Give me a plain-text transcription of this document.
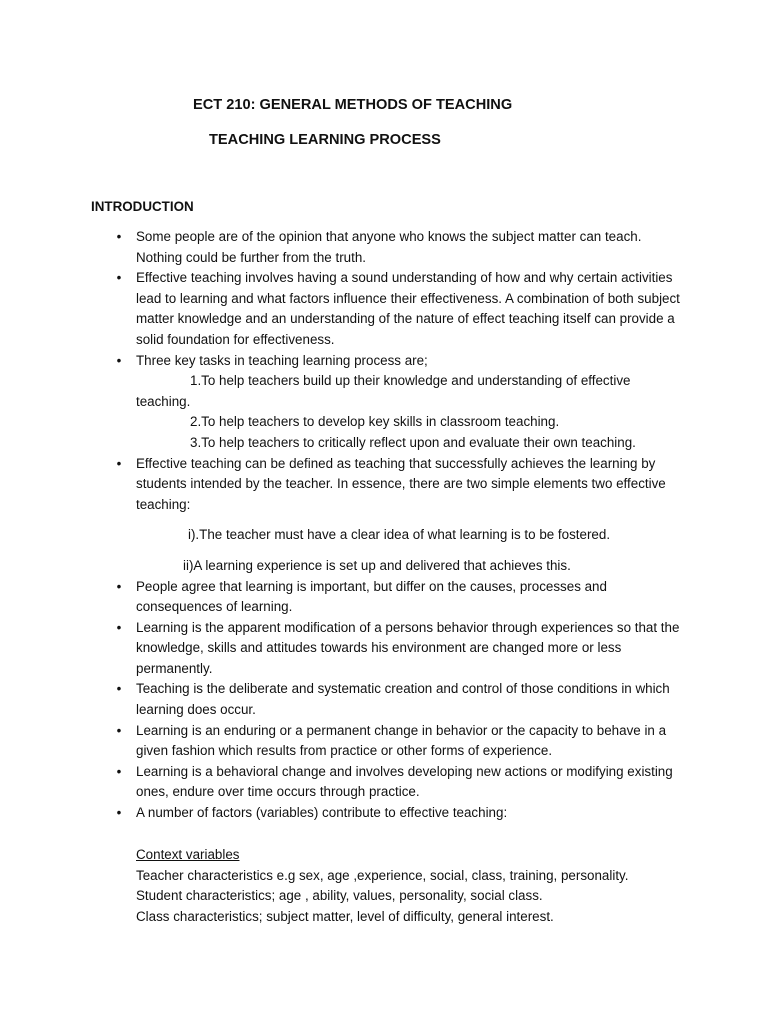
ECT 210: GENERAL METHODS OF TEACHING
TEACHING LEARNING PROCESS
INTRODUCTION
• Some people are of the opinion that anyone who knows the subject matter can teach. Nothing could be further from the truth.
• Effective teaching involves having a sound understanding of how and why certain activities lead to learning and what factors influence their effectiveness. A combination of both subject matter knowledge and an understanding of the nature of effect teaching itself can provide a solid foundation for effectiveness.
• Three key tasks in teaching learning process are;
1.To help teachers build up their knowledge and understanding of effective teaching.
2.To help teachers to develop key skills in classroom teaching.
3.To help teachers to critically reflect upon and evaluate their own teaching.
• Effective teaching can be defined as teaching that successfully achieves the learning by students intended by the teacher. In essence, there are two simple elements two effective teaching:
i).The teacher must have a clear idea of what learning is to be fostered.
ii)A learning experience is set up and delivered that achieves this.
• People agree that learning is important, but differ on the causes, processes and consequences of learning.
• Learning is the apparent modification of a persons behavior through experiences so that the knowledge, skills and attitudes towards his environment are changed more or less permanently.
• Teaching is the deliberate and systematic creation and control of those conditions in which learning does occur.
• Learning is an enduring or a permanent change in behavior or the capacity to behave in a given fashion which results from practice or other forms of experience.
• Learning is a behavioral change and involves developing new actions or modifying existing ones, endure over time occurs through practice.
• A number of factors (variables) contribute to effective teaching:
Context variables
Teacher characteristics e.g sex, age ,experience, social, class, training, personality.
Student characteristics; age , ability, values, personality, social class.
Class characteristics; subject matter, level of difficulty, general interest.
